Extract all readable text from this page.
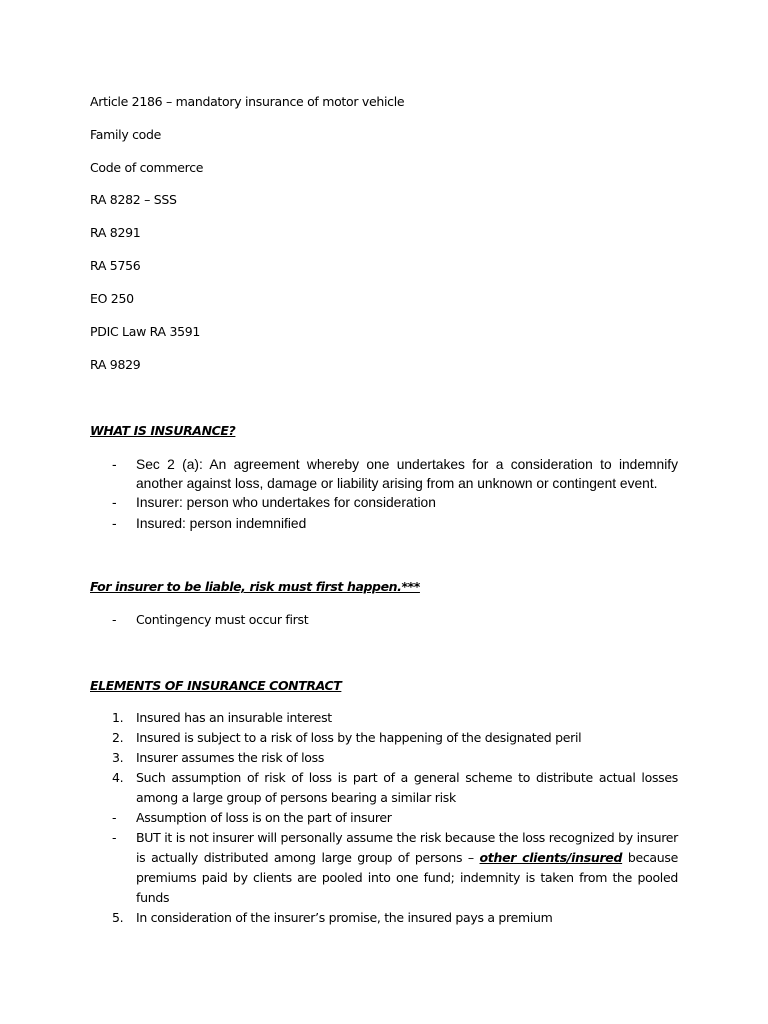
Article 2186 – mandatory insurance of motor vehicle
Family code
Code of commerce
RA 8282 – SSS
RA 8291
RA 5756
EO 250
PDIC Law RA 3591
RA 9829
WHAT IS INSURANCE?
- Sec 2 (a): An agreement whereby one undertakes for a consideration to indemnify another against loss, damage or liability arising from an unknown or contingent event.
- Insurer: person who undertakes for consideration
- Insured: person indemnified
For insurer to be liable, risk must first happen.***
- Contingency must occur first
ELEMENTS OF INSURANCE CONTRACT
1. Insured has an insurable interest
2. Insured is subject to a risk of loss by the happening of the designated peril
3. Insurer assumes the risk of loss
4. Such assumption of risk of loss is part of a general scheme to distribute actual losses among a large group of persons bearing a similar risk
- Assumption of loss is on the part of insurer
- BUT it is not insurer will personally assume the risk because the loss recognized by insurer is actually distributed among large group of persons – other clients/insured because premiums paid by clients are pooled into one fund; indemnity is taken from the pooled funds
5. In consideration of the insurer’s promise, the insured pays a premium
